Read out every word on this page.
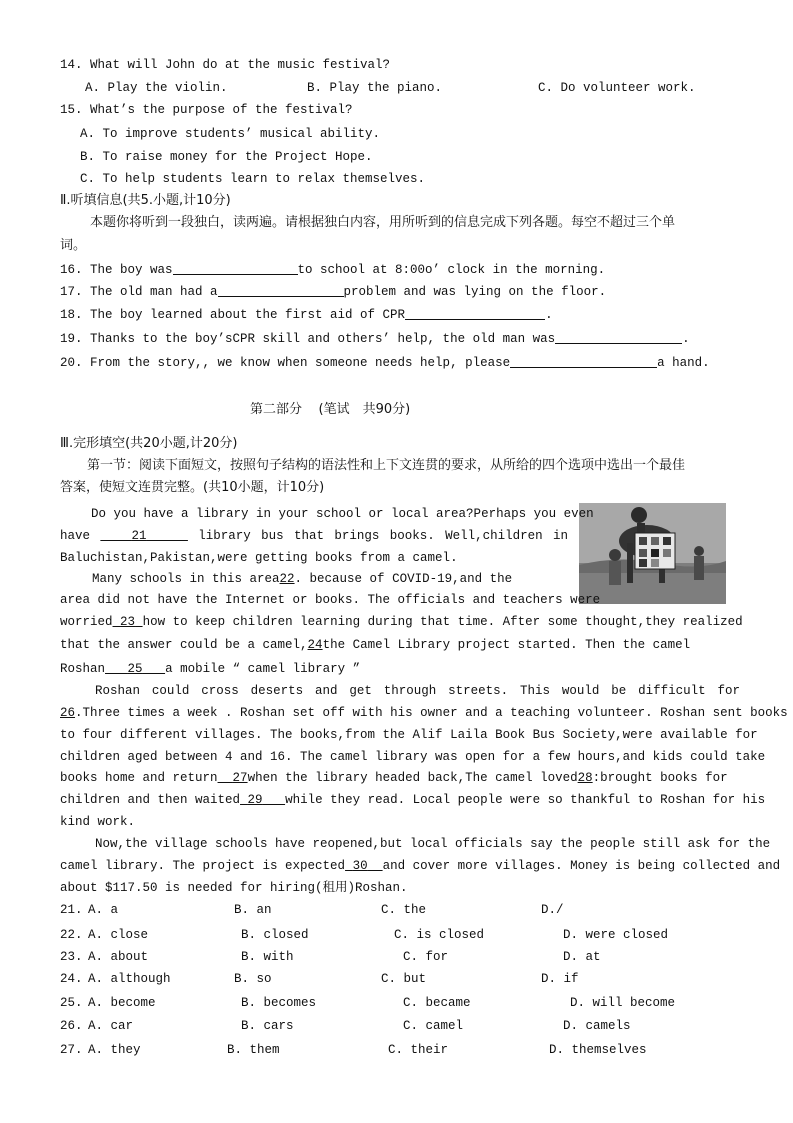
14. What will John do at the music festival?
A. Play the violin.	B. Play the piano.	C. Do volunteer work.
15. What’s the purpose of the festival?
A. To improve students’ musical ability.
B. To raise money for the Project Hope.
C. To help students learn to relax themselves.
Ⅱ.听填信息(共5.小题,计10分)
本题你将听到一段独白，读两遍。请根据独白内容，用所听到的信息完成下列各题。每空不超过三个单
词。
16. The boy was	to school at 8:00o’ clock in the morning.
17. The old man had a	problem and was lying on the floor.
18. The boy learned about the first aid of CPR	.
19. Thanks to the boy’sCPR skill and others’ help, the old man was	.
20. From the story,, we know when someone needs help, please	a hand.
第二部分 (笔试　共90分)
Ⅲ.完形填空(共20小题,计20分)
第一节：阅读下面短文，按照句子结构的语法性和上下文连贯的要求，从所给的四个选项中选出一个最佳
答案，使短文连贯完整。(共10小题，计10分)
Do you have a library in your school or local area?Perhaps you even
have	21	library bus that brings books. Well,children in
Baluchistan,Pakistan,were getting books from a camel.
Many schools in this area22. because of COVID-19,and the
area did not have the Internet or books. The officials and teachers were
worried 23 how to keep children learning during that time. After some thought,they realized
that the answer could be a camel,24the Camel Library project started. Then the camel
Roshan 25 a mobile “ camel library ”
Roshan could cross deserts and get through streets. This would be difficult for
26.Three times a week . Roshan set off with his owner and a teaching volunteer. Roshan sent books
to four different villages. The books,from the Alif Laila Book Bus Society,were available for
children aged between 4 and 16. The camel library was open for a few hours,and kids could take
books home and return 27when the library headed back,The camel loved28:brought books for
children and then waited 29 while they read. Local people were so thankful to Roshan for his
kind work.
Now,the village schools have reopened,but local officials say the people still ask for the
camel library. The project is expected 30 and cover more villages. Money is being collected and
about $117.50 is needed for hiring(租用)Roshan.
21. A. a	B. an	C. the	D./
22. A. close	B. closed	C. is closed	D. were closed
23. A. about	B. with	C. for	D. at
24. A. although	B. so	C. but	D. if
25. A. become	B. becomes	C. became	D. will become
26. A. car	B. cars	C. camel	D. camels
27. A. they	B. them	C. their	D. themselves
